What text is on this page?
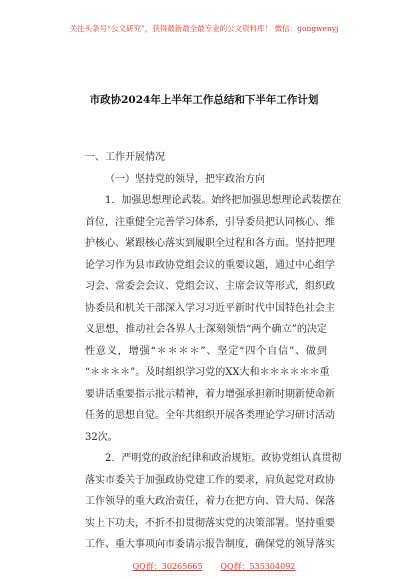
关注头条号“公文研究”，获得最新最全最专业的公文资料库！ 微信：gongwenyj
市政协2024年上半年工作总结和下半年工作计划

一、工作开展情况

（一）坚持党的领导，把牢政治方向

1．加强思想理论武装。始终把加强思想理论武装摆在

首位，注重健全完善学习体系，引导委员把认同核心、维

护核心、紧跟核心落实到履职全过程和各方面。坚持把理

论学习作为县市政协党组会议的重要议题，通过中心组学

习会、常委会会议、党组会议、主席会议等形式，组织政

协委员和机关干部深入学习习近平新时代中国特色社会主

义思想，推动社会各界人士深刻领悟“两个确立”的决定

性意义，增强“＊＊＊＊”、坚定“四个自信”、做到

“＊＊＊＊”。及时组织学习党的XX大和＊＊＊＊＊＊重

要讲话重要指示批示精神，着力增强承担新时期新使命新

任务的思想自觉。全年共组织开展各类理论学习研讨活动

32次。

2．严明党的政治纪律和政治规矩。政协党组认真贯彻

落实市委关于加强政协党建工作的要求，肩负起党对政协

工作领导的重大政治责任，着力在把方向、管大局、保落

实上下功夫，不折不扣贯彻落实党的决策部署。坚持重要

工作、重大事项向市委请示报告制度，确保党的领导落实

QQ群：30265665 QQ群：535304092
